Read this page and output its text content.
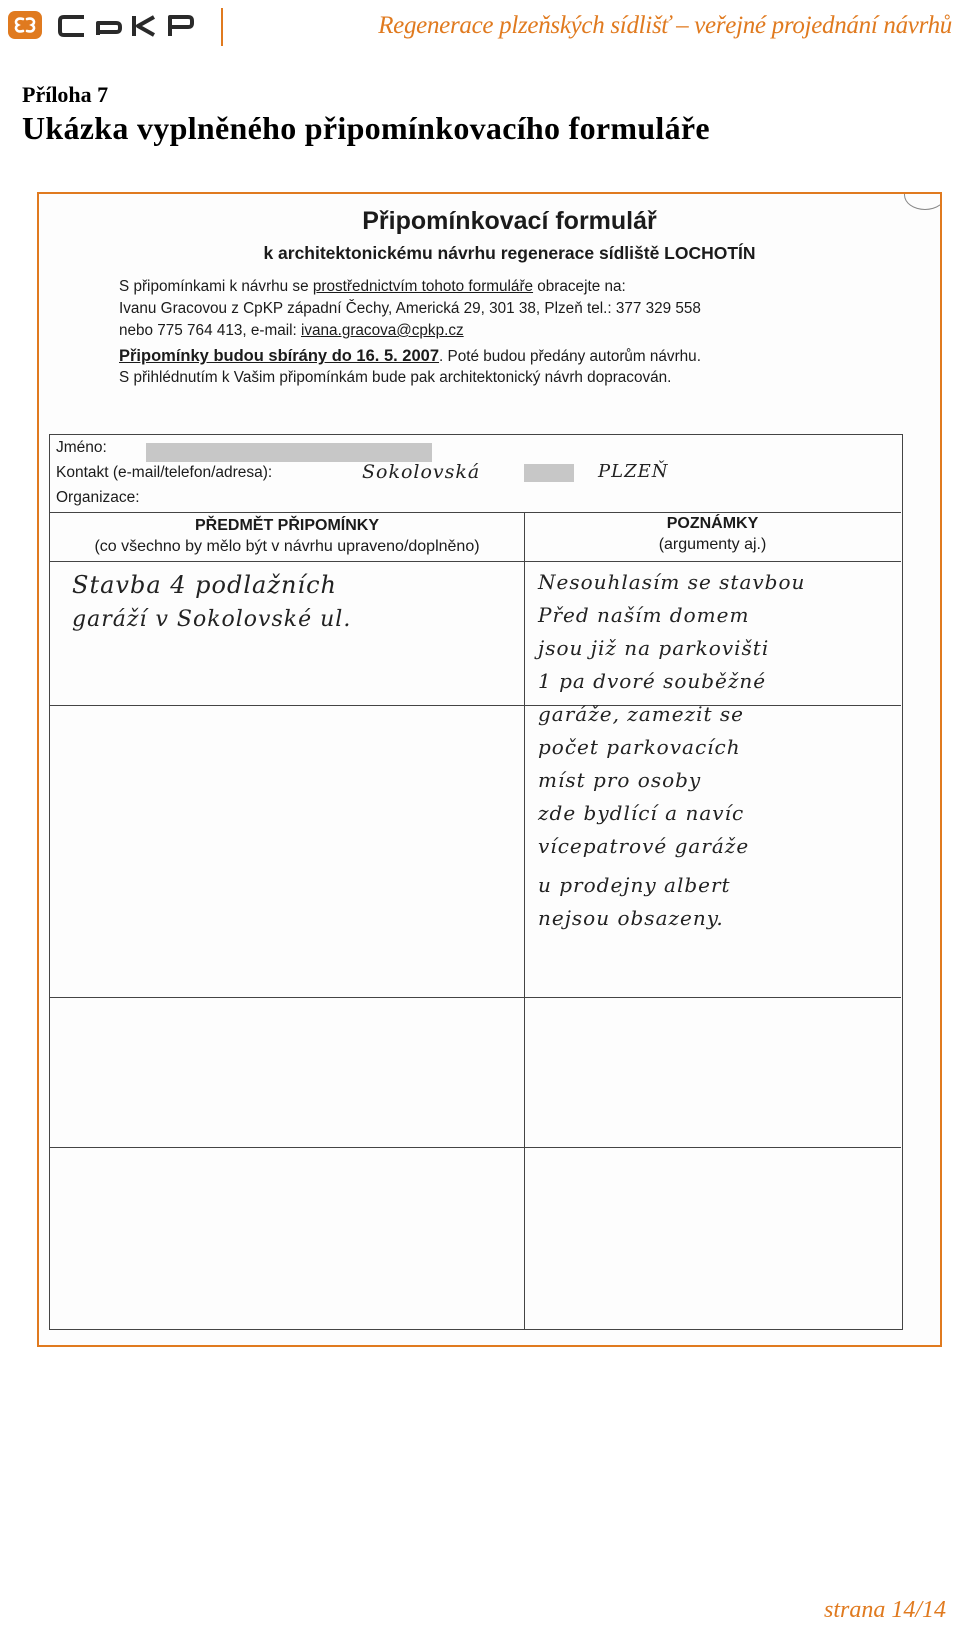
Regenerace plzeňských sídlišť – veřejné projednání návrhů
Příloha 7
Ukázka vyplněného připomínkovacího formuláře
Připomínkovací formulář
k architektonickému návrhu regenerace sídliště LOCHOTÍN
S připomínkami k návrhu se prostřednictvím tohoto formuláře obracejte na:
Ivanu Gracovou z CpKP západní Čechy, Americká 29, 301 38, Plzeň tel.: 377 329 558
nebo 775 764 413, e-mail: ivana.gracova@cpkp.cz
Připomínky budou sbírány do 16. 5. 2007. Poté budou předány autorům návrhu.
S přihlédnutím k Vašim připomínkám bude pak architektonický návrh dopracován.
Jméno:
Kontakt (e-mail/telefon/adresa):	Sokolovská	PLZEŇ
Organizace:
PŘEDMĚT PŘIPOMÍNKY
(co všechno by mělo být v návrhu upraveno/doplněno)
POZNÁMKY
(argumenty aj.)
Stavba 4 podlažních
garáží v Sokolovské ul.
Nesouhlasím se stavbou
Před naším domem
jsou již na parkovišti
1 pa dvoré souběžné
garáže, zamezit se
počet parkovacích
míst pro osoby
zde bydlící a navíc
vícepatrové garáže
u prodejny albert
nejsou obsazeny.
strana 14/14
